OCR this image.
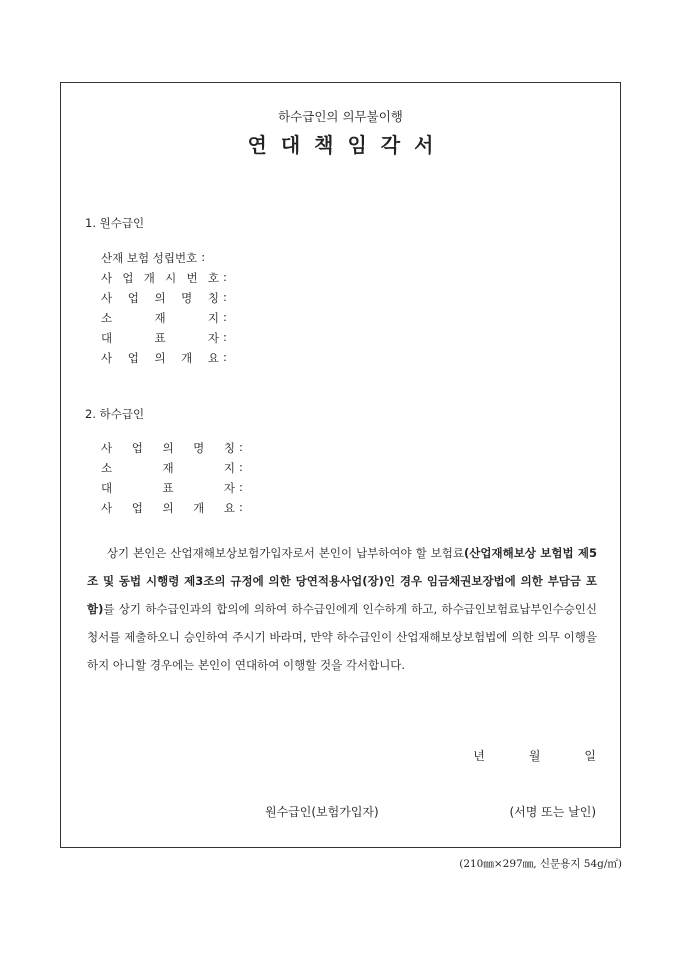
하수급인의 의무불이행
연대책임각서
1. 원수급인
산재 보험 성립번호 :
사 업 개 시 번 호 :
사 업 의 명 칭 :
소	재	지 :
대	표	자 :
사 업 의 개 요 :
2. 하수급인
사 업 의 명 칭 :
소	재	지 :
대	표	자 :
사 업 의 개 요 :
상기 본인은 산업재해보상보험가입자로서 본인이 납부하여야 할 보험료(산업재해보상 보험법 제5조 및 동법 시행령 제3조의 규정에 의한 당연적용사업(장)인 경우 임금채권보장법에 의한 부담금 포함)를 상기 하수급인과의 합의에 의하여 하수급인에게 인수하게 하고, 하수급인보험료납부인수승인신청서를 제출하오니 승인하여 주시기 바라며, 만약 하수급인이 산업재해보상보험법에 의한 의무 이행을 하지 아니할 경우에는 본인이 연대하여 이행할 것을 각서합니다.
년	월	일
원수급인(보험가입자)	(서명 또는 날인)
(210㎜×297㎜, 신문용지 54g/㎡)
